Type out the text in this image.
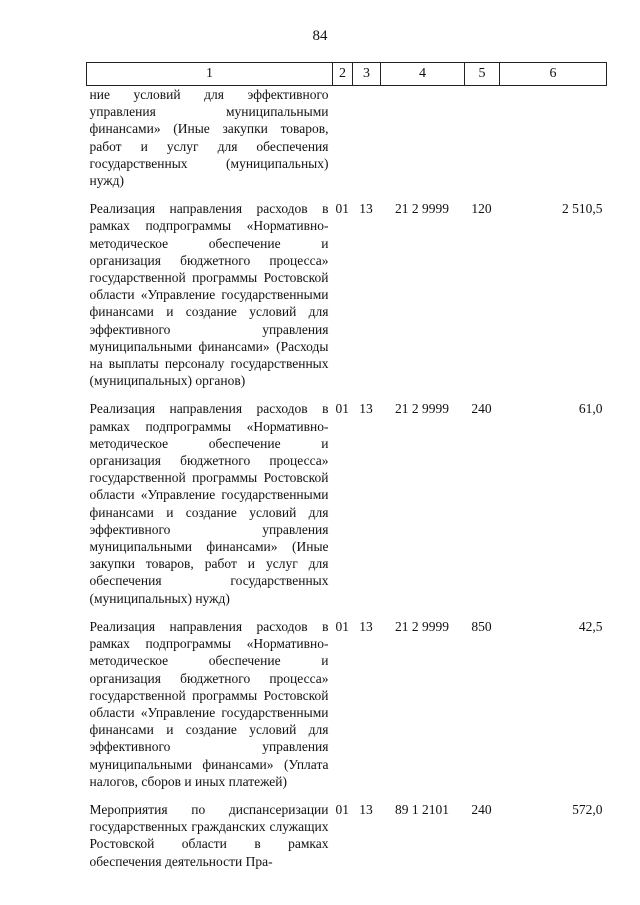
84
1	2	3	4	5	6
ние условий для эффективного управления муниципальными финансами» (Иные закупки товаров, работ и услуг для обеспечения государственных (муниципальных) нужд)					
Реализация направления расходов в рамках подпрограммы «Нормативно-методическое обеспечение и организация бюджетного процесса» государственной программы Ростовской области «Управление государственными финансами и создание условий для эффективного управления муниципальными финансами» (Расходы на выплаты персоналу государственных (муниципальных) органов)	01	13	21 2 9999	120	2 510,5
Реализация направления расходов в рамках подпрограммы «Нормативно-методическое обеспечение и организация бюджетного процесса» государственной программы Ростовской области «Управление государственными финансами и создание условий для эффективного управления муниципальными финансами» (Иные закупки товаров, работ и услуг для обеспечения государственных (муниципальных) нужд)	01	13	21 2 9999	240	61,0
Реализация направления расходов в рамках подпрограммы «Нормативно-методическое обеспечение и организация бюджетного процесса» государственной программы Ростовской области «Управление государственными финансами и создание условий для эффективного управления муниципальными финансами» (Уплата налогов, сборов и иных платежей)	01	13	21 2 9999	850	42,5
Мероприятия по диспансеризации государственных гражданских служащих Ростовской области в рамках обеспечения деятельности Пра-	01	13	89 1 2101	240	572,0
